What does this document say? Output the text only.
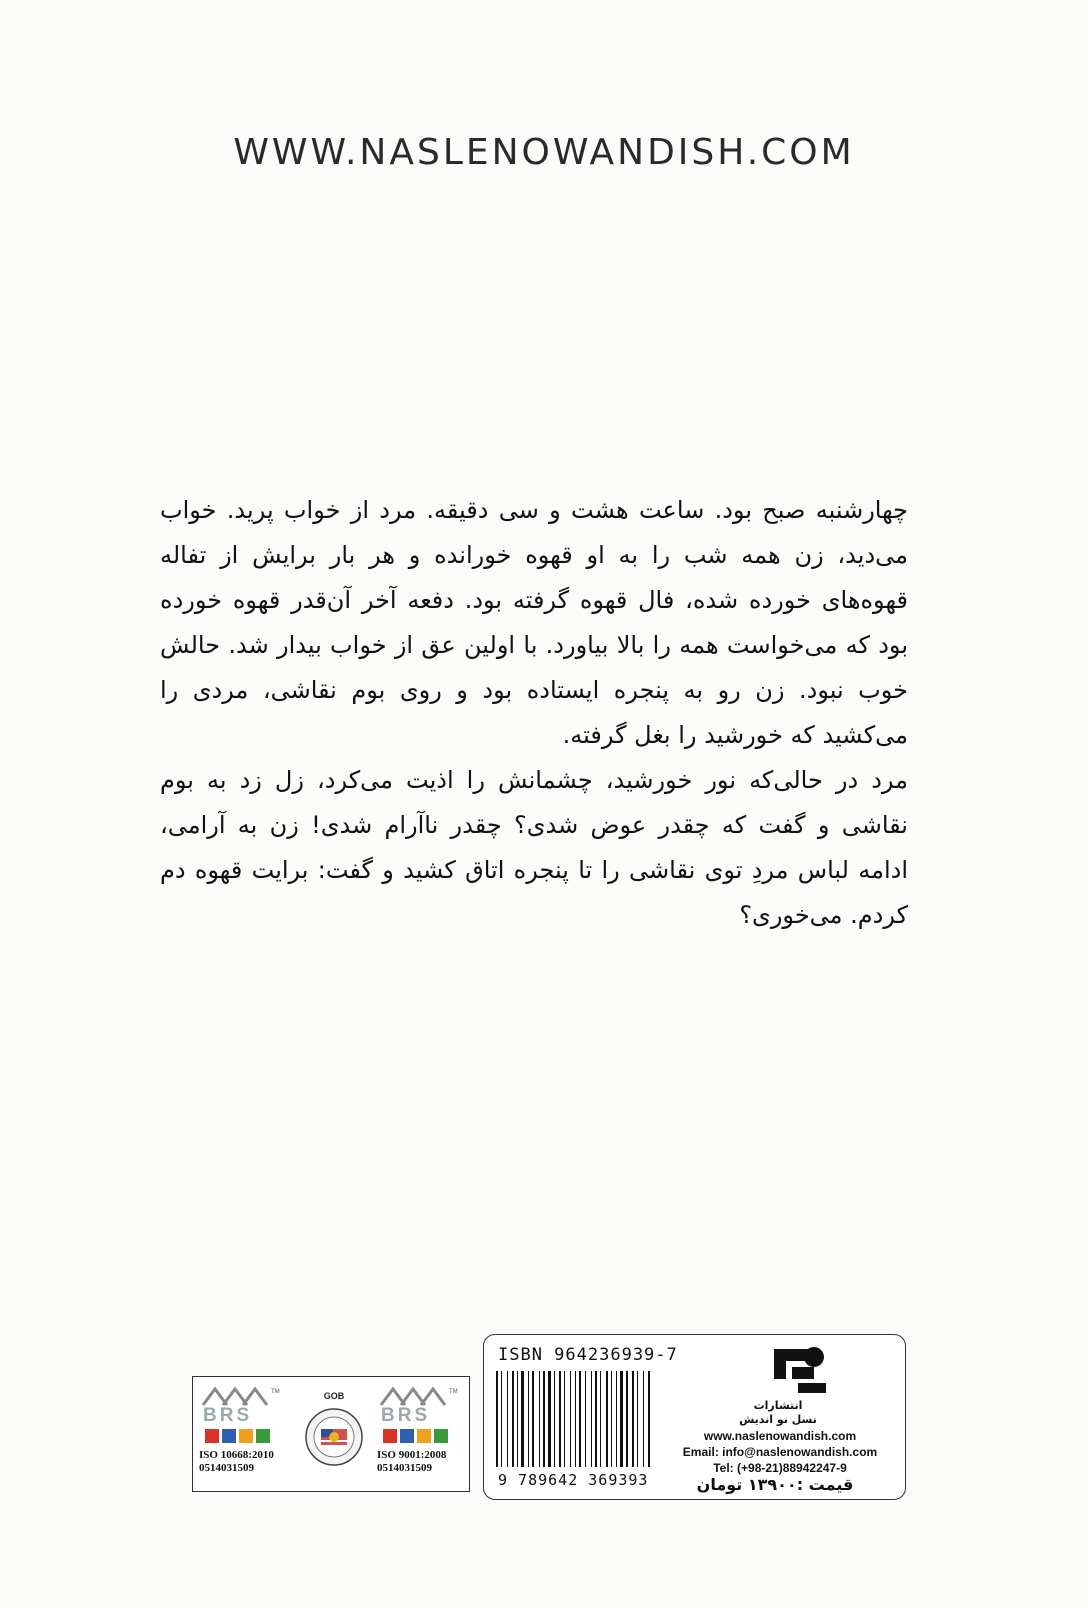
WWW.NASLENOWANDISH.COM

چهارشنبه صبح بود. ساعت هشت و سی دقیقه. مرد از خواب پرید. خواب می‌دید، زن همه شب را به او قهوه خورانده و هر بار برایش از تفاله قهوه‌های خورده شده، فال قهوه گرفته بود. دفعه آخر آن‌قدر قهوه خورده بود که می‌خواست همه را بالا بیاورد. با اولین عق از خواب بیدار شد. حالش خوب نبود. زن رو به پنجره ایستاده بود و روی بوم نقاشی، مردی را می‌کشید که خورشید را بغل گرفته.

مرد در حالی‌که نور خورشید، چشمانش را اذیت می‌کرد، زل زد به بوم نقاشی و گفت که چقدر عوض شدی؟ چقدر ناآرام شدی! زن به آرامی، ادامه لباس مردِ توی نقاشی را تا پنجره اتاق کشید و گفت: برایت قهوه دم کردم. می‌خوری؟

TM
BRS
ISO 10668:2010
0514031509
GOB	TM
BRS
ISO 9001:2008
0514031509
ISBN 964236939-7
9 789642 369393
انتشارات
نسل نو اندیش
www.naslenowandish.com
Email: info@naslenowandish.com
Tel: (+98-21)88942247-9
قیمت :۱۳۹۰۰ تومان
